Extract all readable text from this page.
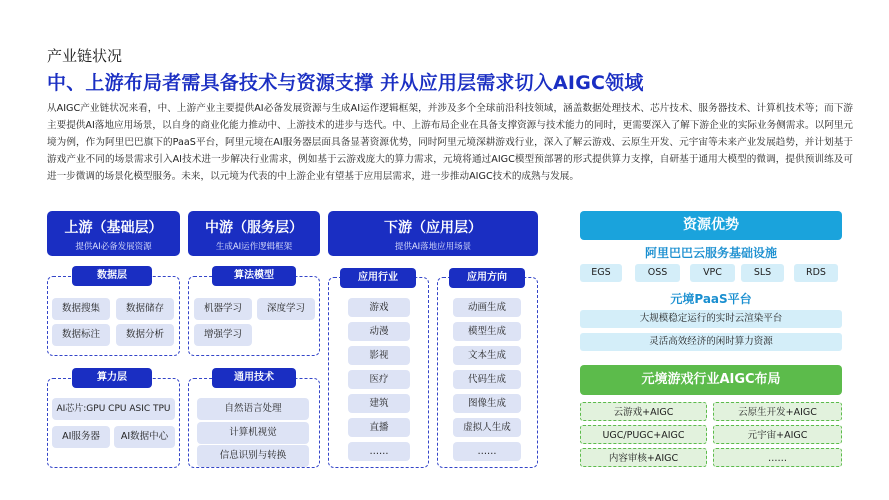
产业链状况
中、上游布局者需具备技术与资源支撑 并从应用层需求切入AIGC领域
从AIGC产业链状况来看，中、上游产业主要提供AI必备发展资源与生成AI运作逻辑框架，并涉及多个全球前沿科技领域，涵盖数据处理技术、芯片技术、服务器技术、计算机技术等；而下游主要提供AI落地应用场景，以自身的商业化能力推动中、上游技术的进步与迭代。中、上游布局企业在具备支撑资源与技术能力的同时，更需要深入了解下游企业的实际业务侧需求。以阿里元境为例，作为阿里巴巴旗下的PaaS平台，阿里元境在AI服务器层面具备显著资源优势，同时阿里元境深耕游戏行业，深入了解云游戏、云原生开发、元宇宙等未来产业发展趋势，并计划基于游戏产业不同的场景需求引入AI技术进一步解决行业需求，例如基于云游戏庞大的算力需求，元境将通过AIGC模型预部署的形式提供算力支撑，自研基于通用大模型的微调，提供预训练及可进一步微调的场景化模型服务。未来，以元境为代表的中上游企业有望基于应用层需求，进一步推动AIGC技术的成熟与发展。
上游（基础层）
提供AI必备发展资源
中游（服务层）
生成AI运作逻辑框架
下游（应用层）
提供AI落地应用场景
数据层
数据搜集	数据储存
数据标注	数据分析
算力层
AI芯片:GPU CPU ASIC TPU
AI服务器	AI数据中心
算法模型
机器学习	深度学习
增强学习
通用技术
自然语言处理
计算机视觉
信息识别与转换
应用行业
游戏
动漫
影视
医疗
建筑
直播
……
应用方向
动画生成
模型生成
文本生成
代码生成
图像生成
虚拟人生成
……
资源优势
阿里巴巴云服务基础设施
EGS	OSS	VPC	SLS	RDS
元境PaaS平台
大规模稳定运行的实时云渲染平台
灵活高效经济的闲时算力资源
元境游戏行业AIGC布局
云游戏+AIGC	云原生开发+AIGC
UGC/PUGC+AIGC	元宇宙+AIGC
内容审核+AIGC	……
